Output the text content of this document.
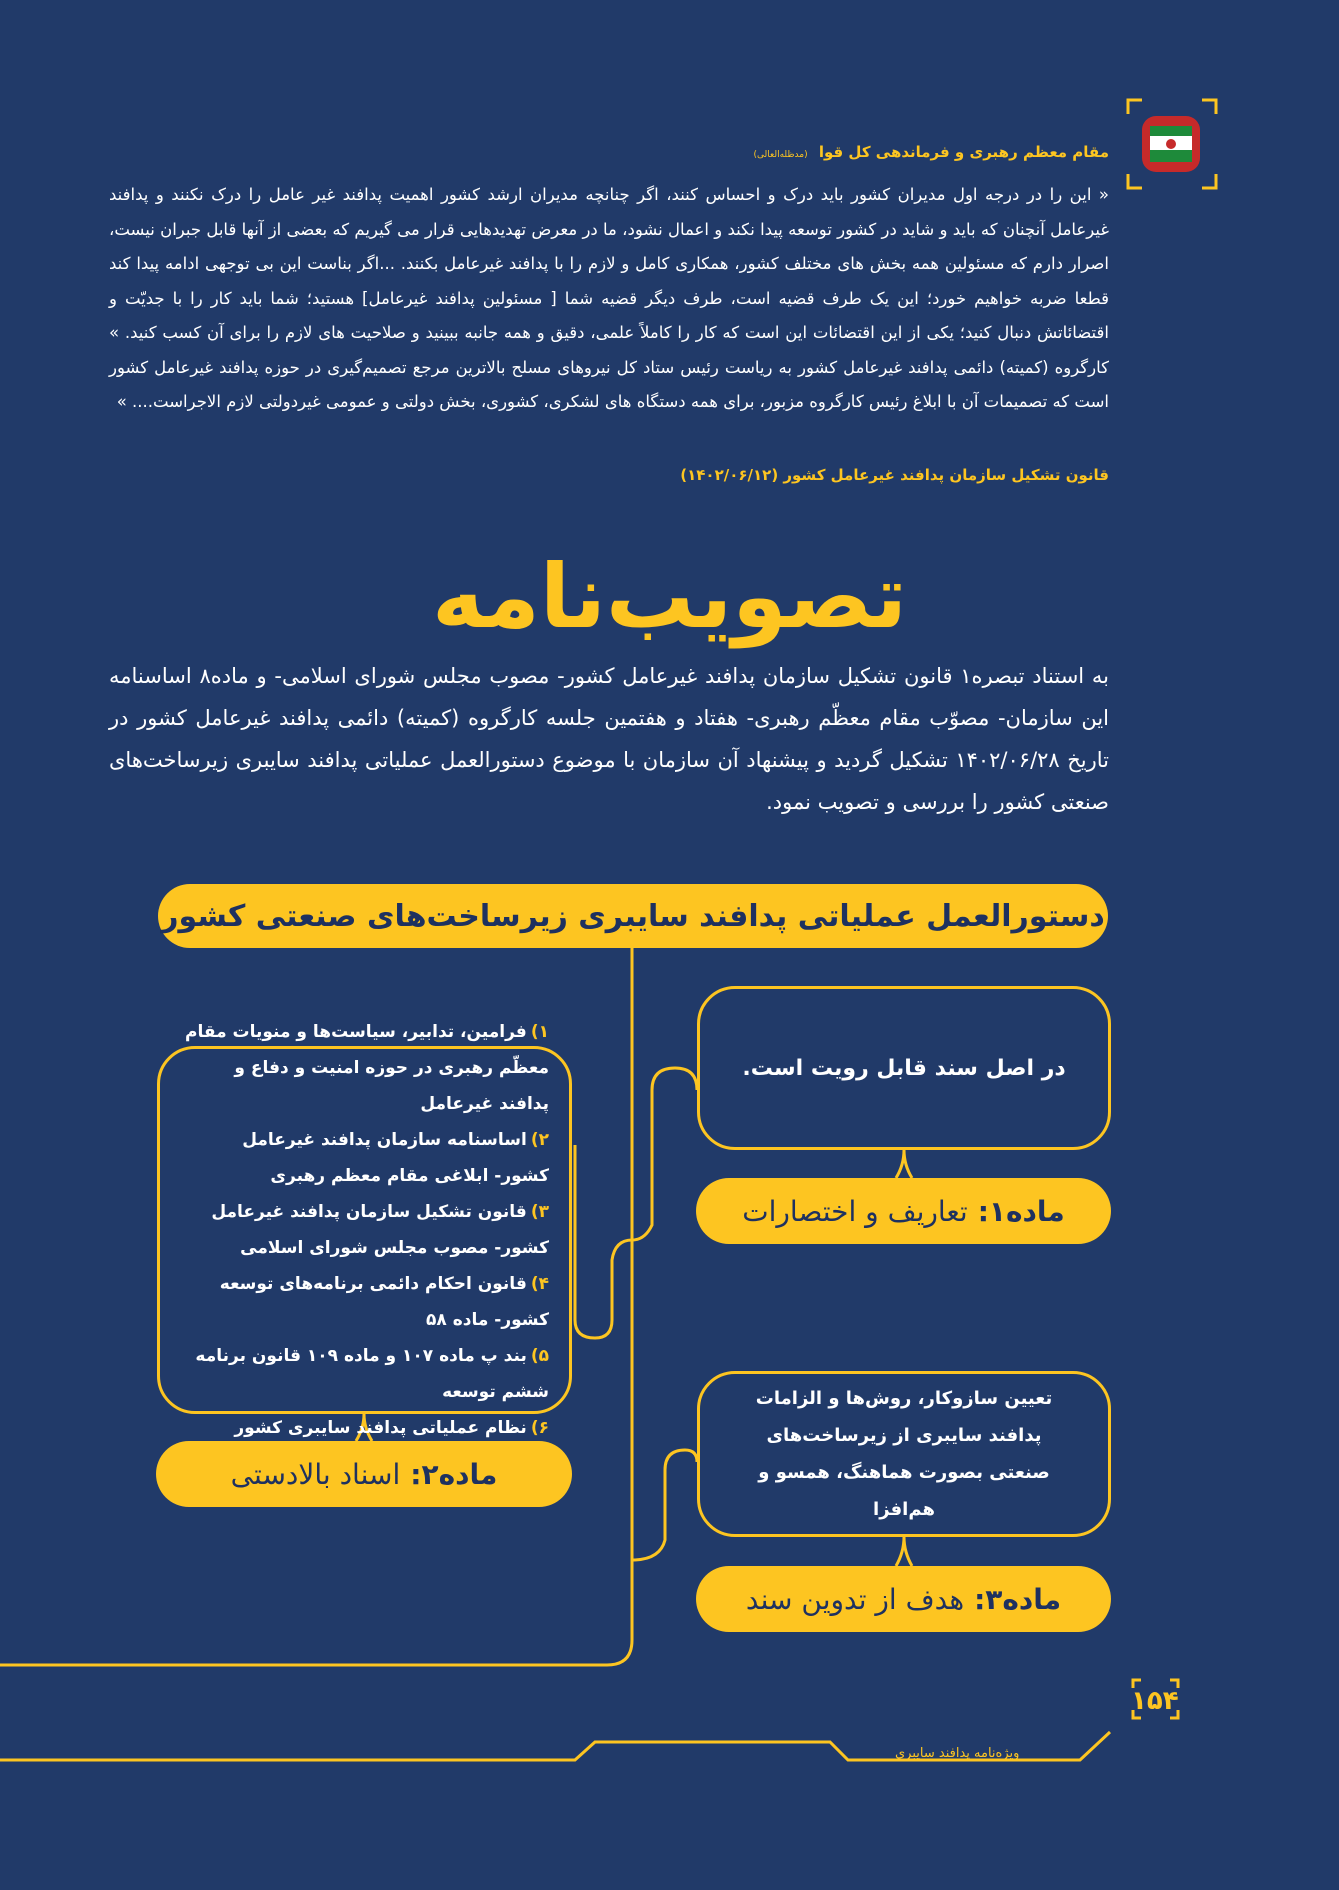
مقام معظم رهبری و فرماندهی کل قوا (مدظله‌العالی)
« این را در درجه اول مدیران کشور باید درک و احساس کنند، اگر چنانچه مدیران ارشد کشور اهمیت پدافند غیر عامل را درک نکنند و پدافند غیرعامل آنچنان که باید و شاید در کشور توسعه پیدا نکند و اعمال نشود، ما در معرض تهدیدهایی قرار می گیریم که بعضی از آنها قابل جبران نیست، اصرار دارم که مسئولین همه بخش های مختلف کشور، همکاری کامل و لازم را با پدافند غیرعامل بکنند. ...اگر بناست این بی توجهی ادامه پیدا کند قطعا ضربه خواهیم خورد؛ این یک طرف قضیه است، طرف دیگر قضیه شما [ مسئولین پدافند غیرعامل] هستید؛ شما باید کار را با جدیّت و اقتضائاتش دنبال کنید؛ یکی از این اقتضائات این است که کار را کاملاً علمی، دقیق و همه جانبه ببینید و صلاحیت های لازم را برای آن کسب کنید. » کارگروه (کمیته) دائمی پدافند غیرعامل کشور به ریاست رئیس ستاد کل نیروهای مسلح بالاترین مرجع تصمیم‌گیری در حوزه پدافند غیرعامل کشور است که تصمیمات آن با ابلاغ رئیس کارگروه مزبور، برای همه دستگاه های لشکری، کشوری، بخش دولتی و عمومی غیردولتی لازم الاجراست.... »
قانون تشکیل سازمان پدافند غیرعامل کشور (۱۴۰۲/۰۶/۱۲)
تصویب‌نامه
به استناد تبصره۱ قانون تشکیل سازمان پدافند غیرعامل کشور- مصوب مجلس شورای اسلامی- و ماده۸ اساسنامه این سازمان- مصوّب مقام معظّم رهبری- هفتاد و هفتمین جلسه کارگروه (کمیته) دائمی پدافند غیرعامل کشور در تاریخ ۱۴۰۲/۰۶/۲۸ تشکیل گردید و پیشنهاد آن سازمان با موضوع دستورالعمل عملیاتی پدافند سایبری زیرساخت‌های صنعتی کشور را بررسی و تصویب نمود.
دستورالعمل عملیاتی پدافند سایبری زیرساخت‌های صنعتی کشور
در اصل سند قابل رویت است.
ماده۱:
تعاریف و اختصارات
۱)فرامین، تدابیر، سیاست‌ها و منویات مقام معظّم رهبری در حوزه امنیت و دفاع و پدافند غیرعامل
۲)اساسنامه سازمان پدافند غیرعامل کشور- ابلاغی مقام معظم رهبری
۳)قانون تشکیل سازمان پدافند غیرعامل کشور- مصوب مجلس شورای اسلامی
۴)قانون احکام دائمی برنامه‌های توسعه کشور- ماده ۵۸
۵)بند پ ماده ۱۰۷ و ماده ۱۰۹ قانون برنامه ششم توسعه
۶)نظام عملیاتی پدافند سایبری کشور
ماده۲:
اسناد بالادستی
تعیین سازوکار، روش‌ها و الزامات پدافند سایبری از زیرساخت‌های صنعتی بصورت هماهنگ، همسو و هم‌افزا
ماده۳:
هدف از تدوین سند
۱۵۴
ویژه‌نامه پدافند سایبری
